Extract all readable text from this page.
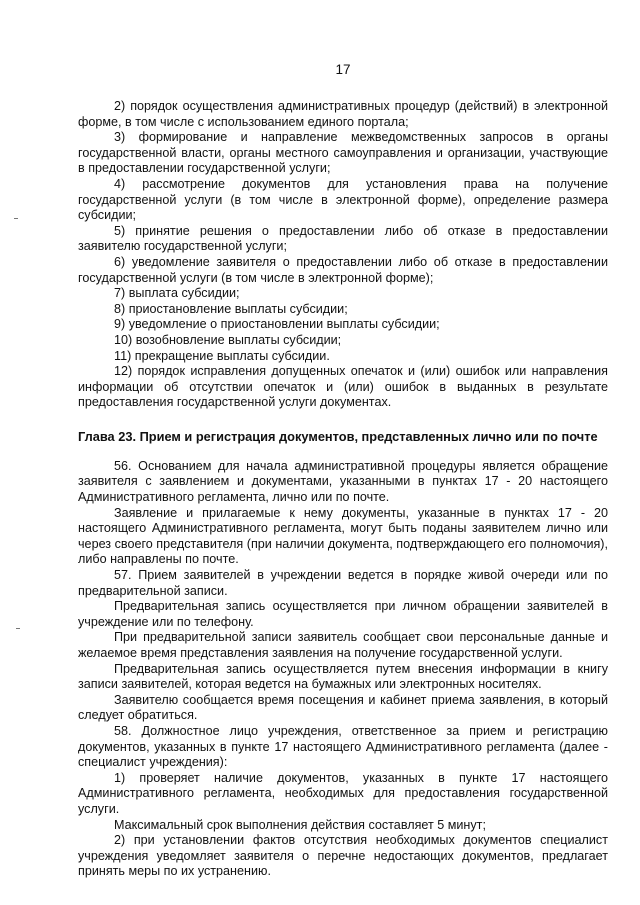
17

2) порядок осуществления административных процедур (действий) в электронной форме, в том числе с использованием единого портала;

3) формирование и направление межведомственных запросов в органы государственной власти, органы местного самоуправления и организации, участвующие в предоставлении государственной услуги;

4) рассмотрение документов для установления права на получение государственной услуги (в том числе в электронной форме), определение размера субсидии;

5) принятие решения о предоставлении либо об отказе в предоставлении заявителю государственной услуги;

6) уведомление заявителя о предоставлении либо об отказе в предоставлении государственной услуги (в том числе в электронной форме);

7) выплата субсидии;

8) приостановление выплаты субсидии;

9) уведомление о приостановлении выплаты субсидии;

10) возобновление выплаты субсидии;

11) прекращение выплаты субсидии.

12) порядок исправления допущенных опечаток и (или) ошибок или направления информации об отсутствии опечаток и (или) ошибок в выданных в результате предоставления государственной услуги документах.

Глава 23. Прием и регистрация документов, представленных лично или по почте

56. Основанием для начала административной процедуры является обращение заявителя с заявлением и документами, указанными в пунктах 17 - 20 настоящего Административного регламента, лично или по почте.

Заявление и прилагаемые к нему документы, указанные в пунктах 17 - 20 настоящего Административного регламента, могут быть поданы заявителем лично или через своего представителя (при наличии документа, подтверждающего его полномочия), либо направлены по почте.

57. Прием заявителей в учреждении ведется в порядке живой очереди или по предварительной записи.

Предварительная запись осуществляется при личном обращении заявителей в учреждение или по телефону.

При предварительной записи заявитель сообщает свои персональные данные и желаемое время представления заявления на получение государственной услуги.

Предварительная запись осуществляется путем внесения информации в книгу записи заявителей, которая ведется на бумажных или электронных носителях.

Заявителю сообщается время посещения и кабинет приема заявления, в который следует обратиться.

58. Должностное лицо учреждения, ответственное за прием и регистрацию документов, указанных в пункте 17 настоящего Административного регламента (далее - специалист учреждения):

1) проверяет наличие документов, указанных в пункте 17 настоящего Административного регламента, необходимых для предоставления государственной услуги.

Максимальный срок выполнения действия составляет 5 минут;

2) при установлении фактов отсутствия необходимых документов специалист учреждения уведомляет заявителя о перечне недостающих документов, предлагает принять меры по их устранению.
